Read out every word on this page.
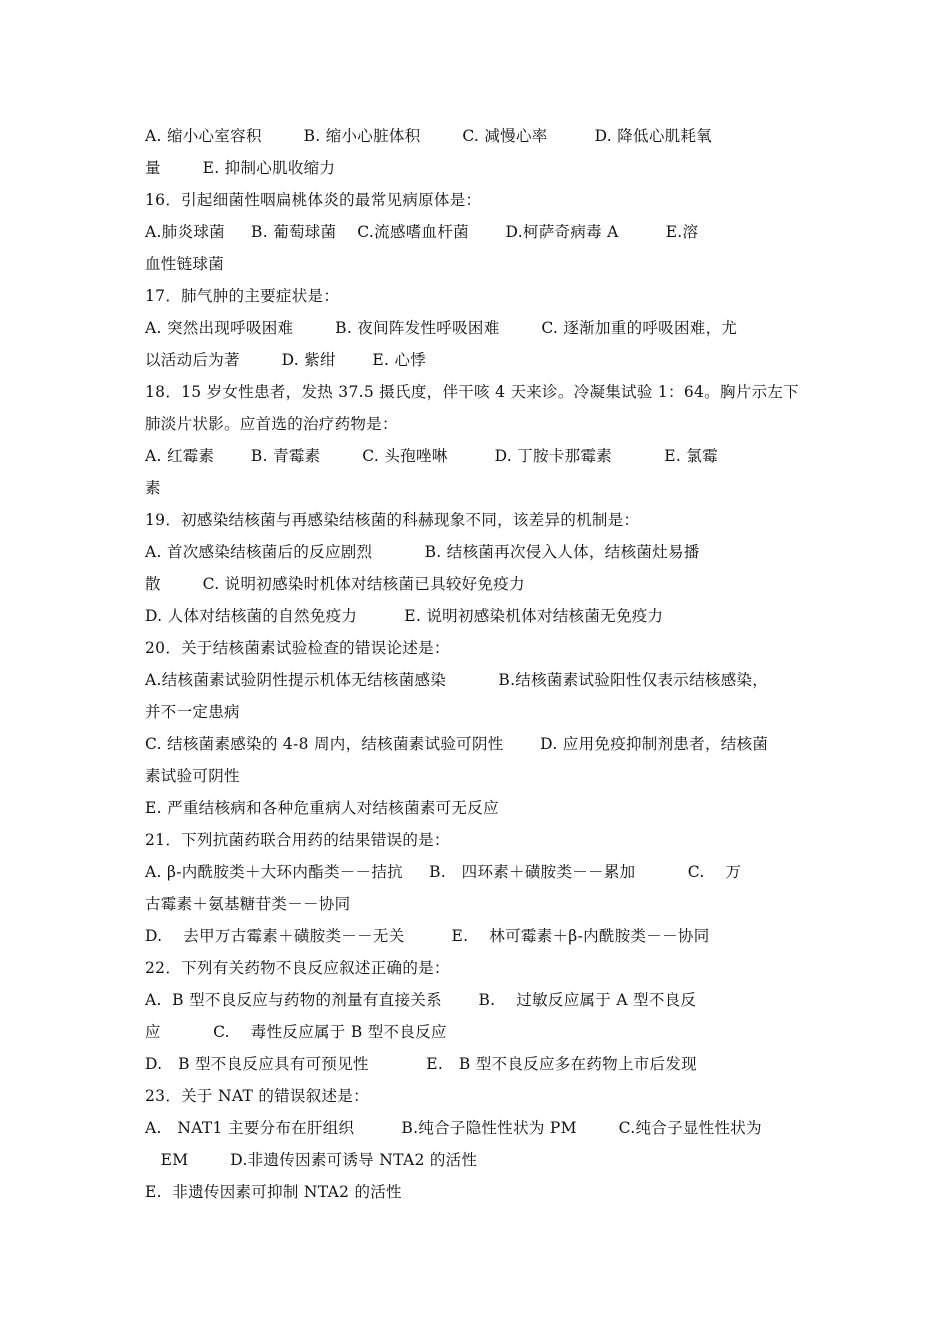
A. 缩小心室容积        B. 缩小心脏体积        C. 减慢心率         D. 降低心肌耗氧
量        E. 抑制心肌收缩力
16．引起细菌性咽扁桃体炎的最常见病原体是：
A.肺炎球菌     B. 葡萄球菌    C.流感嗜血杆菌       D.柯萨奇病毒 A         E.溶
血性链球菌
17．肺气肿的主要症状是：
A. 突然出现呼吸困难        B. 夜间阵发性呼吸困难        C. 逐渐加重的呼吸困难，尤
以活动后为著        D. 紫绀       E. 心悸
18．15 岁女性患者，发热 37.5 摄氏度，伴干咳 4 天来诊。冷凝集试验 1：64。胸片示左下
肺淡片状影。应首选的治疗药物是：
A. 红霉素       B. 青霉素        C. 头孢唑啉         D. 丁胺卡那霉素          E. 氯霉
素
19．初感染结核菌与再感染结核菌的科赫现象不同，该差异的机制是：
A. 首次感染结核菌后的反应剧烈          B. 结核菌再次侵入人体，结核菌灶易播
散        C. 说明初感染时机体对结核菌已具较好免疫力
D. 人体对结核菌的自然免疫力         E. 说明初感染机体对结核菌无免疫力
20．关于结核菌素试验检查的错误论述是：
A.结核菌素试验阴性提示机体无结核菌感染          B.结核菌素试验阳性仅表示结核感染，
并不一定患病
C. 结核菌素感染的 4-8 周内，结核菌素试验可阴性       D. 应用免疫抑制剂患者，结核菌
素试验可阴性
E. 严重结核病和各种危重病人对结核菌素可无反应
21．下列抗菌药联合用药的结果错误的是：
A. β-内酰胺类＋大环内酯类－－拮抗     B.   四环素＋磺胺类－－累加          C.    万
古霉素＋氨基糖苷类－－协同
D.    去甲万古霉素＋磺胺类－－无关         E.    林可霉素＋β-内酰胺类－－协同
22．下列有关药物不良反应叙述正确的是：
A.  B 型不良反应与药物的剂量有直接关系       B.    过敏反应属于 A 型不良反
应          C.    毒性反应属于 B 型不良反应
D.   B 型不良反应具有可预见性           E.   B 型不良反应多在药物上市后发现
23．关于 NAT 的错误叙述是：
A.   NAT1 主要分布在肝组织         B.纯合子隐性性状为 PM        C.纯合子显性性状为
EM        D.非遗传因素可诱导 NTA2 的活性
E.  非遗传因素可抑制 NTA2 的活性
